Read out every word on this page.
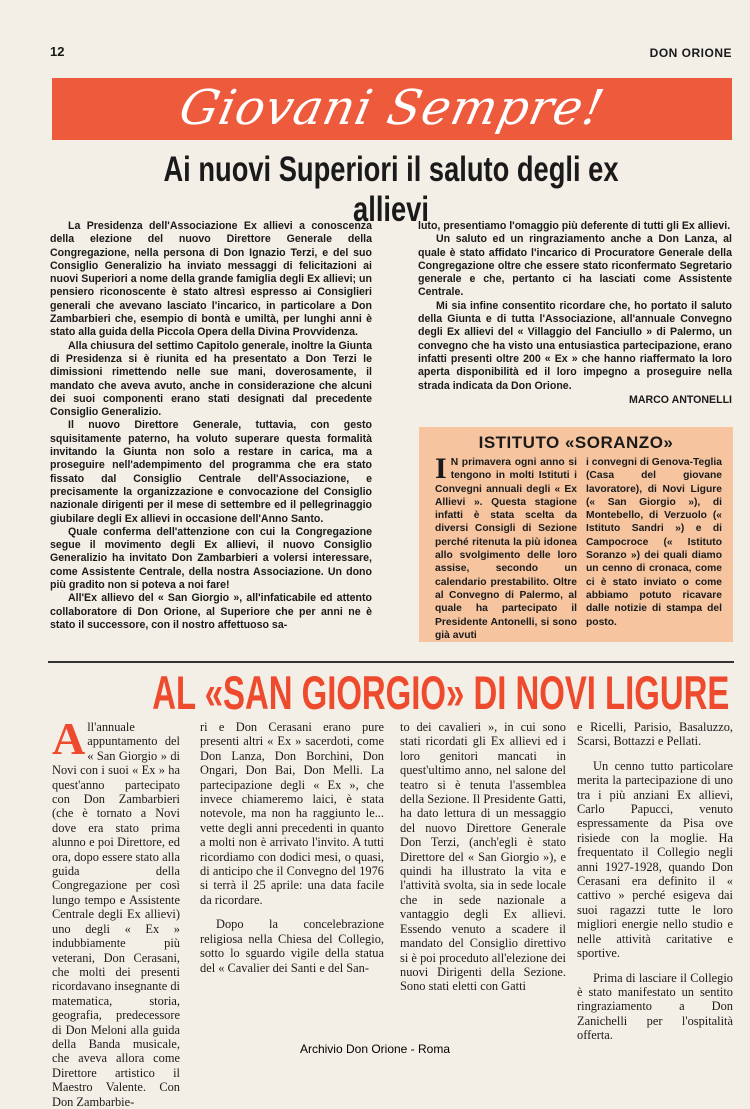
12	DON ORIONE
Giovani Sempre!
Ai nuovi Superiori il saluto degli ex allievi

La Presidenza dell'Associazione Ex allievi a conoscenza della elezione del nuovo Direttore Generale della Congregazione, nella persona di Don Ignazio Terzi, e del suo Consiglio Generalizio ha inviato messaggi di felicitazioni ai nuovi Superiori a nome della grande famiglia degli Ex allievi; un pensiero riconoscente è stato altresì espresso ai Consiglieri generali che avevano lasciato l'incarico, in particolare a Don Zambarbieri che, esempio di bontà e umiltà, per lunghi anni è stato alla guida della Piccola Opera della Divina Provvidenza.

Alla chiusura del settimo Capitolo generale, inoltre la Giunta di Presidenza si è riunita ed ha presentato a Don Terzi le dimissioni rimettendo nelle sue mani, doverosamente, il mandato che aveva avuto, anche in considerazione che alcuni dei suoi componenti erano stati designati dal precedente Consiglio Generalizio.

Il nuovo Direttore Generale, tuttavia, con gesto squisitamente paterno, ha voluto superare questa formalità invitando la Giunta non solo a restare in carica, ma a proseguire nell'adempimento del programma che era stato fissato dal Consiglio Centrale dell'Associazione, e precisamente la organizzazione e convocazione del Consiglio nazionale dirigenti per il mese di settembre ed il pellegrinaggio giubilare degli Ex allievi in occasione dell'Anno Santo.

Quale conferma dell'attenzione con cui la Congregazione segue il movimento degli Ex allievi, il nuovo Consiglio Generalizio ha invitato Don Zambarbieri a volersi interessare, come Assistente Centrale, della nostra Associazione. Un dono più gradito non si poteva a noi fare!

All'Ex allievo del « San Giorgio », all'infaticabile ed attento collaboratore di Don Orione, al Superiore che per anni ne è stato il successore, con il nostro affettuoso sa-

luto, presentiamo l'omaggio più deferente di tutti gli Ex allievi.

Un saluto ed un ringraziamento anche a Don Lanza, al quale è stato affidato l'incarico di Procuratore Generale della Congregazione oltre che essere stato riconfermato Segretario generale e che, pertanto ci ha lasciati come Assistente Centrale.

Mi sia infine consentito ricordare che, ho portato il saluto della Giunta e di tutta l'Associazione, all'annuale Convegno degli Ex allievi del « Villaggio del Fanciullo » di Palermo, un convegno che ha visto una entusiastica partecipazione, erano infatti presenti oltre 200 « Ex » che hanno riaffermato la loro aperta disponibilità ed il loro impegno a proseguire nella strada indicata da Don Orione.

MARCO ANTONELLI
ISTITUTO «SORANZO»
I N primavera ogni anno si tengono in molti Istituti i Convegni annuali degli « Ex Allievi ». Questa stagione infatti è stata scelta da diversi Consigli di Sezione perché ritenuta la più idonea allo svolgimento delle loro assise, secondo un calendario prestabilito. Oltre al Convegno di Palermo, al quale ha partecipato il Presidente Antonelli, si sono già avuti
i convegni di Genova-Teglia (Casa del giovane lavoratore), di Novi Ligure (« San Giorgio »), di Montebello, di Verzuolo (« Istituto Sandri ») e di Campocroce (« Istituto Soranzo ») dei quali diamo un cenno di cronaca, come ci è stato inviato o come abbiamo potuto ricavare dalle notizie di stampa del posto.
AL «SAN GIORGIO» DI NOVI LIGURE
A ll'annuale appuntamento del « San Giorgio » di Novi con i suoi « Ex » ha quest'anno partecipato con Don Zambarbieri (che è tornato a Novi dove era stato prima alunno e poi Direttore, ed ora, dopo essere stato alla guida della Congregazione per così lungo tempo e Assistente Centrale degli Ex allievi) uno degli « Ex » indubbiamente più veterani, Don Cerasani, che molti dei presenti ricordavano insegnante di matematica, storia, geografia, predecessore di Don Meloni alla guida della Banda musicale, che aveva allora come Direttore artistico il Maestro Valente. Con Don Zambarbie-

ri e Don Cerasani erano pure presenti altri « Ex » sacerdoti, come Don Lanza, Don Borchini, Don Ongari, Don Bai, Don Melli. La partecipazione degli « Ex », che invece chiameremo laici, è stata notevole, ma non ha raggiunto le... vette degli anni precedenti in quanto a molti non è arrivato l'invito. A tutti ricordiamo con dodici mesi, o quasi, di anticipo che il Convegno del 1976 si terrà il 25 aprile: una data facile da ricordare.

Dopo la concelebrazione religiosa nella Chiesa del Collegio, sotto lo sguardo vigile della statua del « Cavalier dei Santi e del San-

to dei cavalieri », in cui sono stati ricordati gli Ex allievi ed i loro genitori mancati in quest'ultimo anno, nel salone del teatro si è tenuta l'assemblea della Sezione. Il Presidente Gatti, ha dato lettura di un messaggio del nuovo Direttore Generale Don Terzi, (anch'egli è stato Direttore del « San Giorgio »), e quindi ha illustrato la vita e l'attività svolta, sia in sede locale che in sede nazionale a vantaggio degli Ex allievi. Essendo venuto a scadere il mandato del Consiglio direttivo si è poi proceduto all'elezione dei nuovi Dirigenti della Sezione. Sono stati eletti con Gatti

e Ricelli, Parisio, Basaluzzo, Scarsi, Bottazzi e Pellati.

Un cenno tutto particolare merita la partecipazione di uno tra i più anziani Ex allievi, Carlo Papucci, venuto espressamente da Pisa ove risiede con la moglie. Ha frequentato il Collegio negli anni 1927-1928, quando Don Cerasani era definito il « cattivo » perché esigeva dai suoi ragazzi tutte le loro migliori energie nello studio e nelle attività caritative e sportive.

Prima di lasciare il Collegio è stato manifestato un sentito ringraziamento a Don Zanichelli per l'ospitalità offerta.

Archivio Don Orione - Roma
